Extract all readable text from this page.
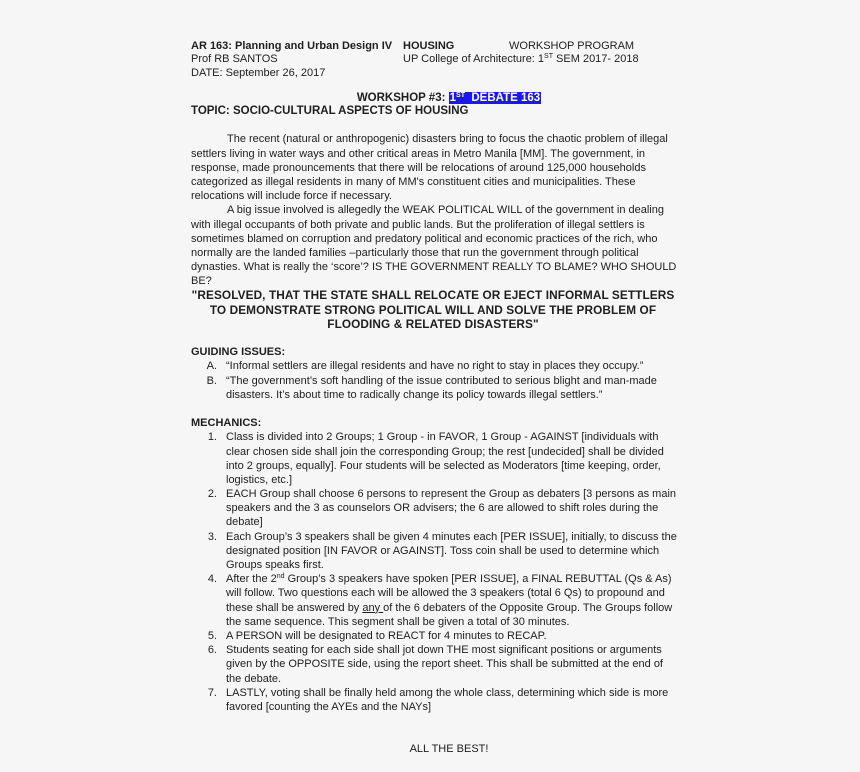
AR 163: Planning and Urban Design IV HOUSING	WORKSHOP PROGRAM
Prof RB SANTOS	UP College of Architecture: 1ST SEM 2017- 2018
DATE: September 26, 2017
WORKSHOP #3: 1ST  DEBATE 163
TOPIC: SOCIO-CULTURAL ASPECTS OF HOUSING
The recent (natural or anthropogenic) disasters bring to focus the chaotic problem of illegal
settlers living in water ways and other critical areas in Metro Manila [MM]. The government, in
response, made pronouncements that there will be relocations of around 125,000 households
categorized as illegal residents in many of MM's constituent cities and municipalities. These
relocations will include force if necessary.
A big issue involved is allegedly the WEAK POLITICAL WILL of the government in dealing
with illegal occupants of both private and public lands. But the proliferation of illegal settlers is
sometimes blamed on corruption and predatory political and economic practices of the rich, who
normally are the landed families –particularly those that run the government through political
dynasties. What is really the ‘score’? IS THE GOVERNMENT REALLY TO BLAME? WHO SHOULD
BE?
"RESOLVED, THAT THE STATE SHALL RELOCATE OR EJECT INFORMAL SETTLERS
TO DEMONSTRATE STRONG POLITICAL WILL AND SOLVE THE PROBLEM OF
FLOODING & RELATED DISASTERS"
GUIDING ISSUES:
A. “Informal settlers are illegal residents and have no right to stay in places they occupy.”
B. “The government’s soft handling of the issue contributed to serious blight and man-made
disasters. It’s about time to radically change its policy towards illegal settlers.”
MECHANICS:
1. Class is divided into 2 Groups; 1 Group - in FAVOR, 1 Group - AGAINST [individuals with
clear chosen side shall join the corresponding Group; the rest [undecided] shall be divided
into 2 groups, equally]. Four students will be selected as Moderators [time keeping, order,
logistics, etc.]
2. EACH Group shall choose 6 persons to represent the Group as debaters [3 persons as main
speakers and the 3 as counselors OR advisers; the 6 are allowed to shift roles during the
debate]
3. Each Group’s 3 speakers shall be given 4 minutes each [PER ISSUE], initially, to discuss the
designated position [IN FAVOR or AGAINST]. Toss coin shall be used to determine which
Groups speaks first.
4. After the 2nd Group’s 3 speakers have spoken [PER ISSUE], a FINAL REBUTTAL (Qs & As)
will follow. Two questions each will be allowed the 3 speakers (total 6 Qs) to propound and
these shall be answered by any of the 6 debaters of the Opposite Group. The Groups follow
the same sequence. This segment shall be given a total of 30 minutes.
5. A PERSON will be designated to REACT for 4 minutes to RECAP.
6. Students seating for each side shall jot down THE most significant positions or arguments
given by the OPPOSITE side, using the report sheet. This shall be submitted at the end of
the debate.
7. LASTLY, voting shall be finally held among the whole class, determining which side is more
favored [counting the AYEs and the NAYs]
ALL THE BEST!
